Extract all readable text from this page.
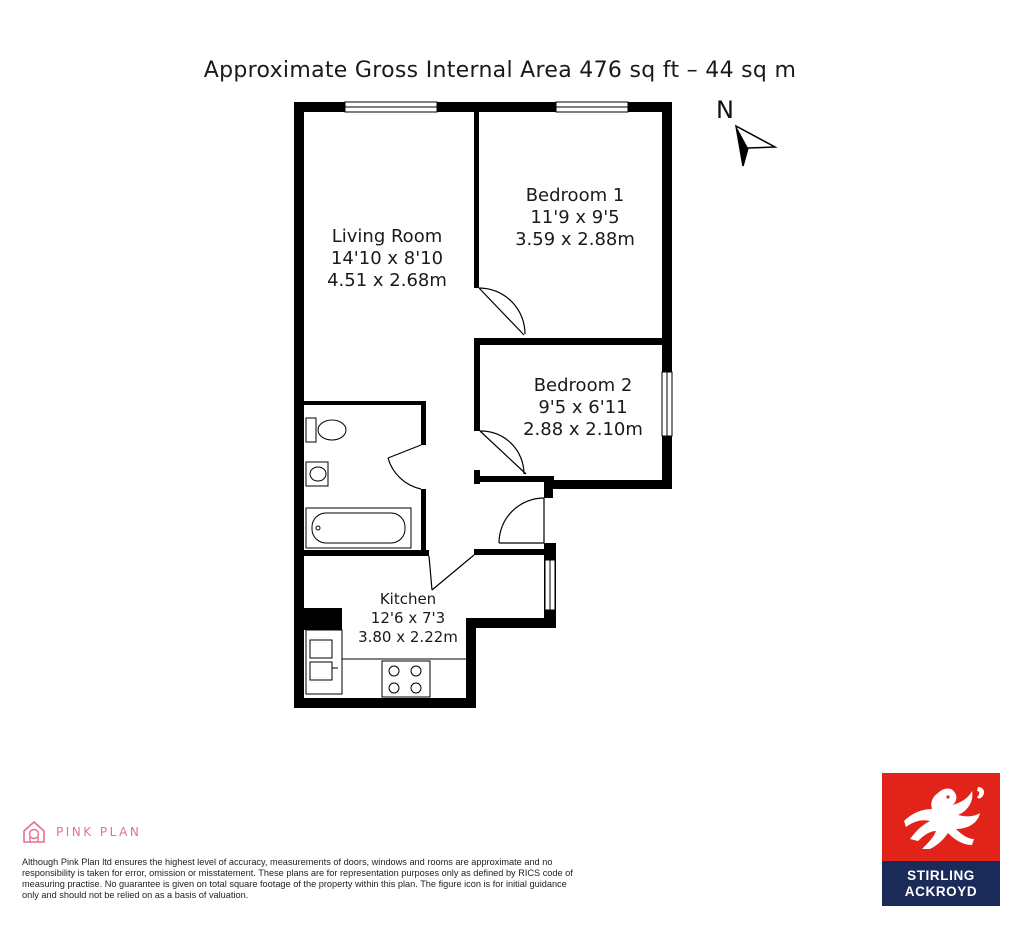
Approximate Gross Internal Area 476 sq ft – 44 sq m
N
Living Room
14'10 x 8'10
4.51 x 2.68m
Bedroom 1
11'9 x 9'5
3.59 x 2.88m
Bedroom 2
9'5 x 6'11
2.88 x 2.10m
Kitchen
12'6 x 7'3
3.80 x 2.22m
PINK PLAN
Although Pink Plan ltd ensures the highest level of accuracy, measurements of doors, windows and rooms are approximate and no responsibility is taken for error, omission or misstatement. These plans are for representation purposes only as defined by RICS code of measuring practise. No guarantee is given on total square footage of the property within this plan. The figure icon is for initial guidance only and should not be relied on as a basis of valuation.
STIRLING
ACKROYD
